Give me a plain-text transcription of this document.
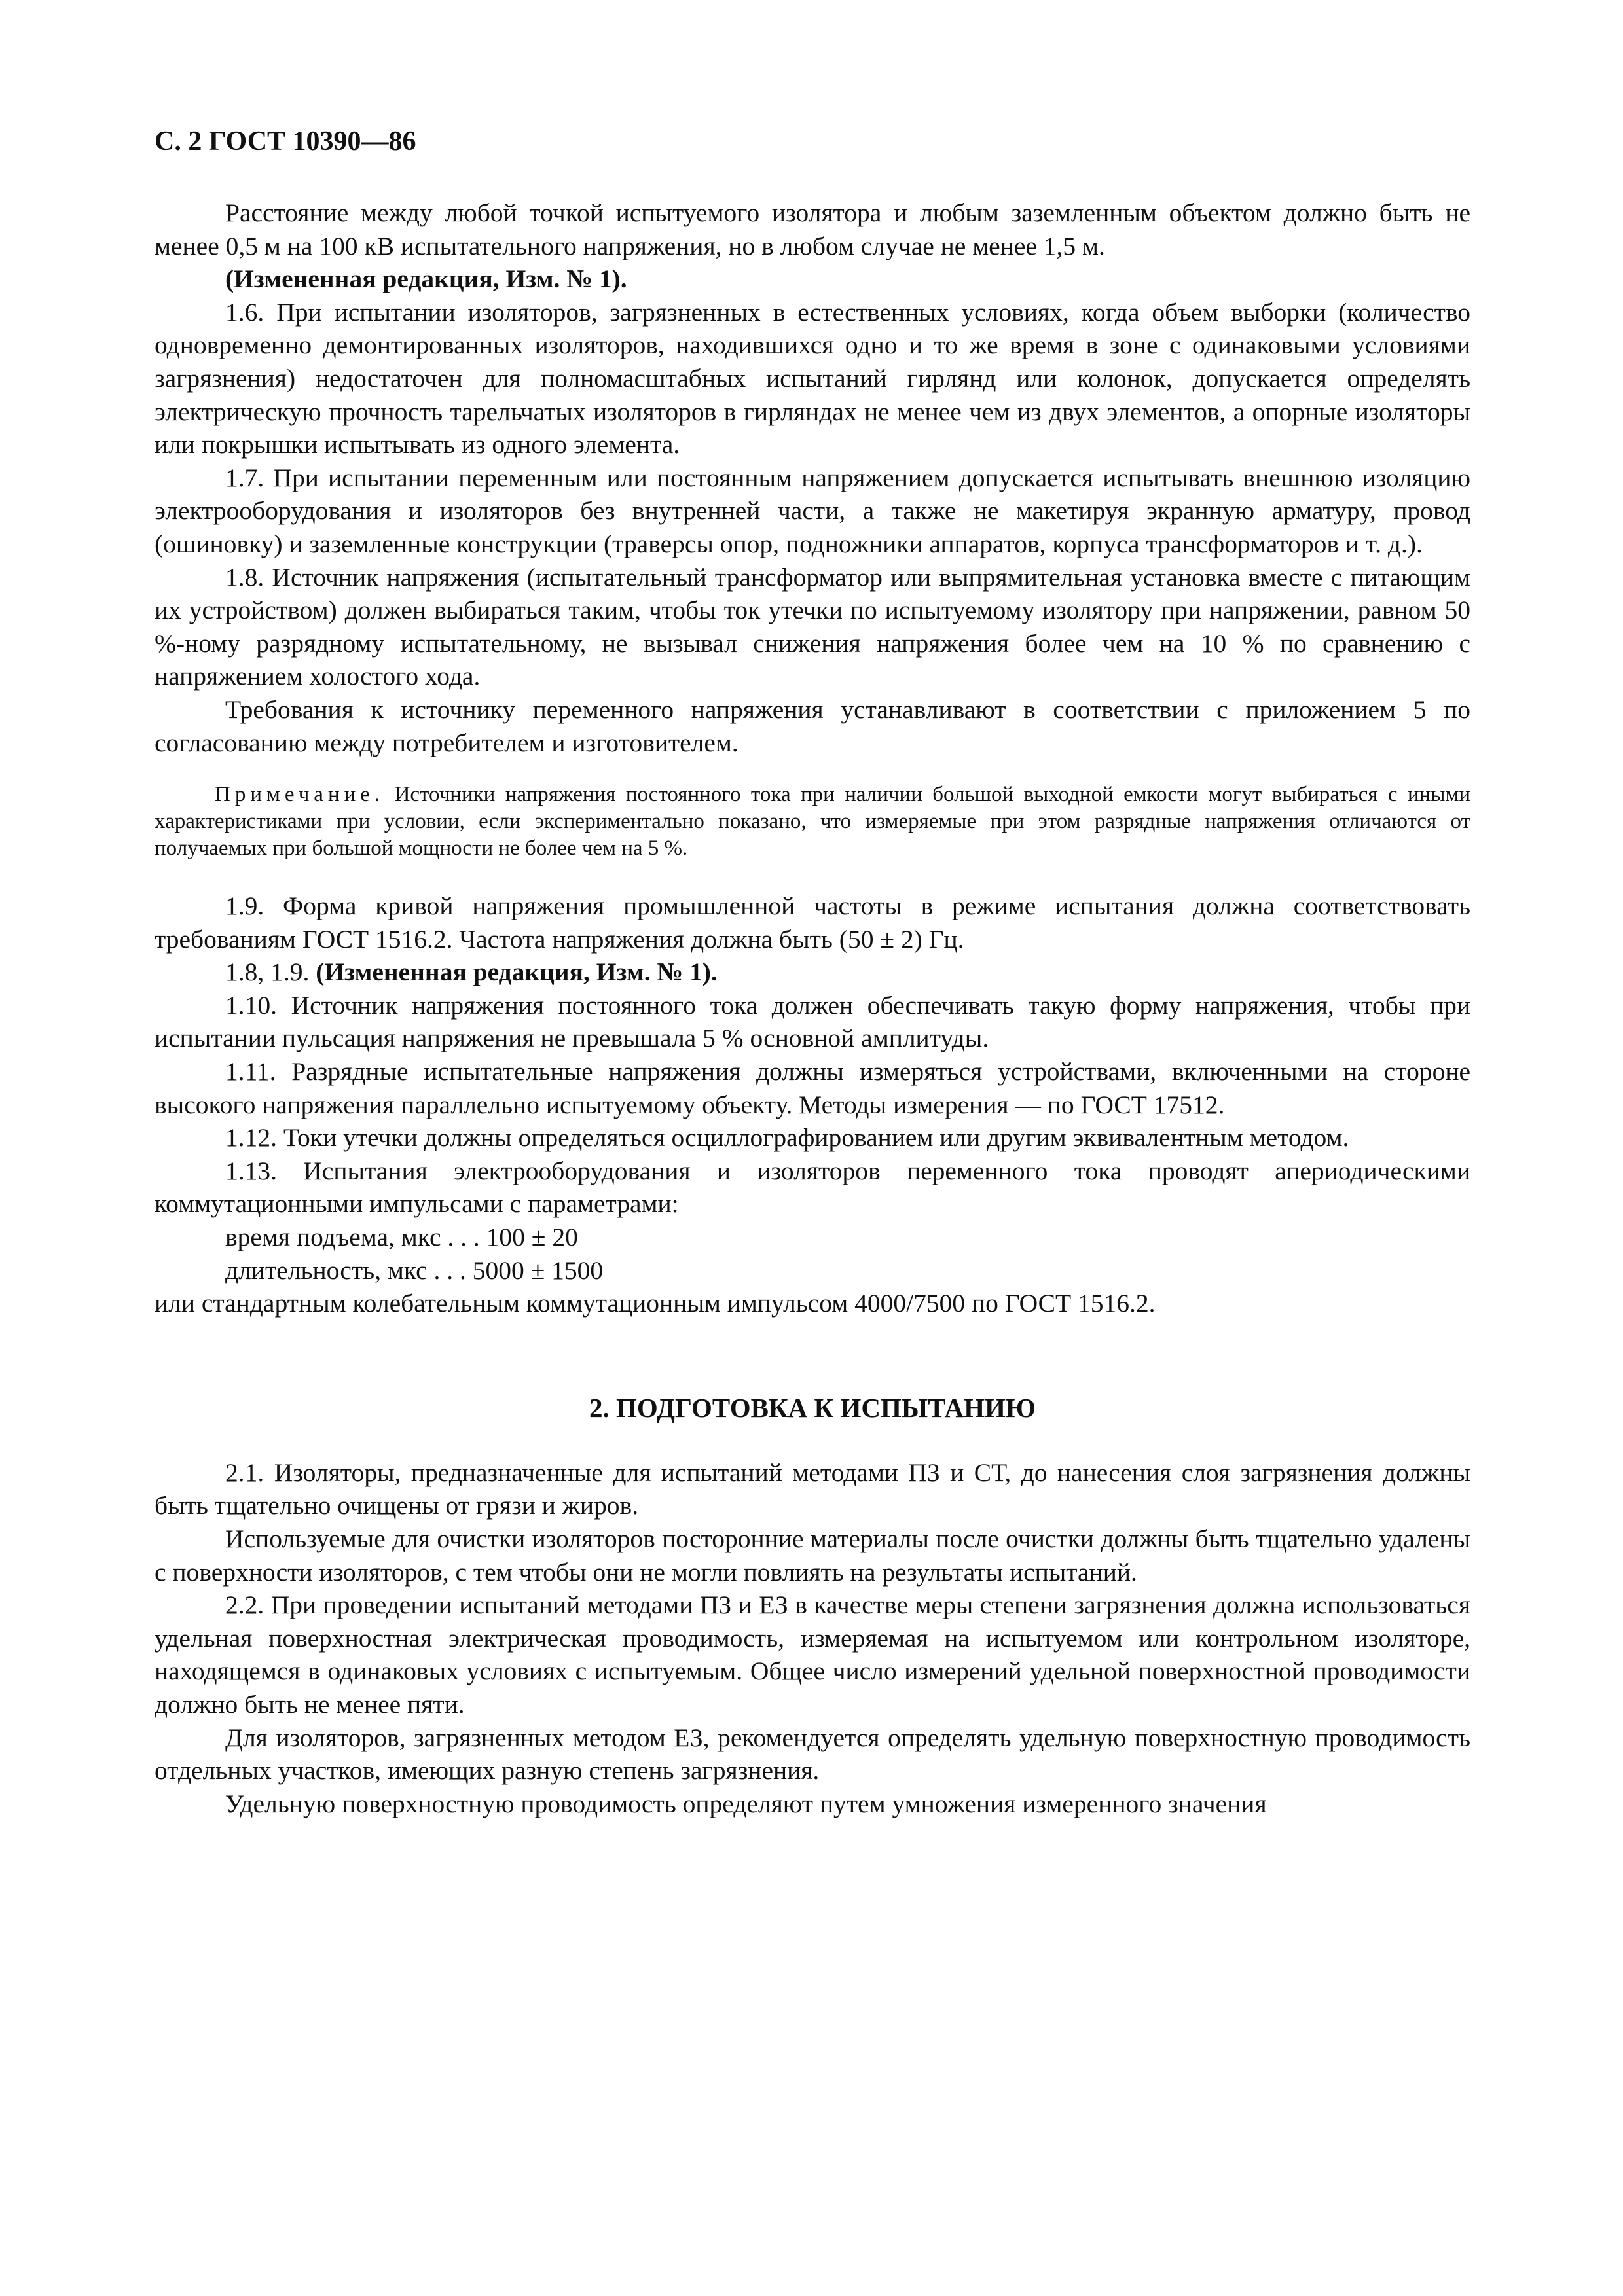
С. 2 ГОСТ 10390—86

Расстояние между любой точкой испытуемого изолятора и любым заземленным объектом должно быть не менее 0,5 м на 100 кВ испытательного напряжения, но в любом случае не менее 1,5 м.

(Измененная редакция, Изм. № 1).

1.6. При испытании изоляторов, загрязненных в естественных условиях, когда объем выборки (количество одновременно демонтированных изоляторов, находившихся одно и то же время в зоне с одинаковыми условиями загрязнения) недостаточен для полномасштабных испытаний гирлянд или колонок, допускается определять электрическую прочность тарельчатых изоляторов в гирляндах не менее чем из двух элементов, а опорные изоляторы или покрышки испытывать из одного элемента.

1.7. При испытании переменным или постоянным напряжением допускается испытывать внешнюю изоляцию электрооборудования и изоляторов без внутренней части, а также не макетируя экранную арматуру, провод (ошиновку) и заземленные конструкции (траверсы опор, подножники аппаратов, корпуса трансформаторов и т. д.).

1.8. Источник напряжения (испытательный трансформатор или выпрямительная установка вместе с питающим их устройством) должен выбираться таким, чтобы ток утечки по испытуемому изолятору при напряжении, равном 50 %-ному разрядному испытательному, не вызывал снижения напряжения более чем на 10 % по сравнению с напряжением холостого хода.

Требования к источнику переменного напряжения устанавливают в соответствии с приложением 5 по согласованию между потребителем и изготовителем.

Примечание. Источники напряжения постоянного тока при наличии большой выходной емкости могут выбираться с иными характеристиками при условии, если экспериментально показано, что измеряемые при этом разрядные напряжения отличаются от получаемых при большой мощности не более чем на 5 %.

1.9. Форма кривой напряжения промышленной частоты в режиме испытания должна соответствовать требованиям ГОСТ 1516.2. Частота напряжения должна быть (50 ± 2) Гц.

1.8, 1.9. (Измененная редакция, Изм. № 1).

1.10. Источник напряжения постоянного тока должен обеспечивать такую форму напряжения, чтобы при испытании пульсация напряжения не превышала 5 % основной амплитуды.

1.11. Разрядные испытательные напряжения должны измеряться устройствами, включенными на стороне высокого напряжения параллельно испытуемому объекту. Методы измерения — по ГОСТ 17512.

1.12. Токи утечки должны определяться осциллографированием или другим эквивалентным методом.

1.13. Испытания электрооборудования и изоляторов переменного тока проводят апериодическими коммутационными импульсами с параметрами:

время подъема, мкс . . . 100 ± 20
длительность, мкс . . . 5000 ± 1500

или стандартным колебательным коммутационным импульсом 4000/7500 по ГОСТ 1516.2.

2. ПОДГОТОВКА К ИСПЫТАНИЮ

2.1. Изоляторы, предназначенные для испытаний методами ПЗ и СТ, до нанесения слоя загрязнения должны быть тщательно очищены от грязи и жиров.

Используемые для очистки изоляторов посторонние материалы после очистки должны быть тщательно удалены с поверхности изоляторов, с тем чтобы они не могли повлиять на результаты испытаний.

2.2. При проведении испытаний методами ПЗ и ЕЗ в качестве меры степени загрязнения должна использоваться удельная поверхностная электрическая проводимость, измеряемая на испытуемом или контрольном изоляторе, находящемся в одинаковых условиях с испытуемым. Общее число измерений удельной поверхностной проводимости должно быть не менее пяти.

Для изоляторов, загрязненных методом ЕЗ, рекомендуется определять удельную поверхностную проводимость отдельных участков, имеющих разную степень загрязнения.

Удельную поверхностную проводимость определяют путем умножения измеренного значения
